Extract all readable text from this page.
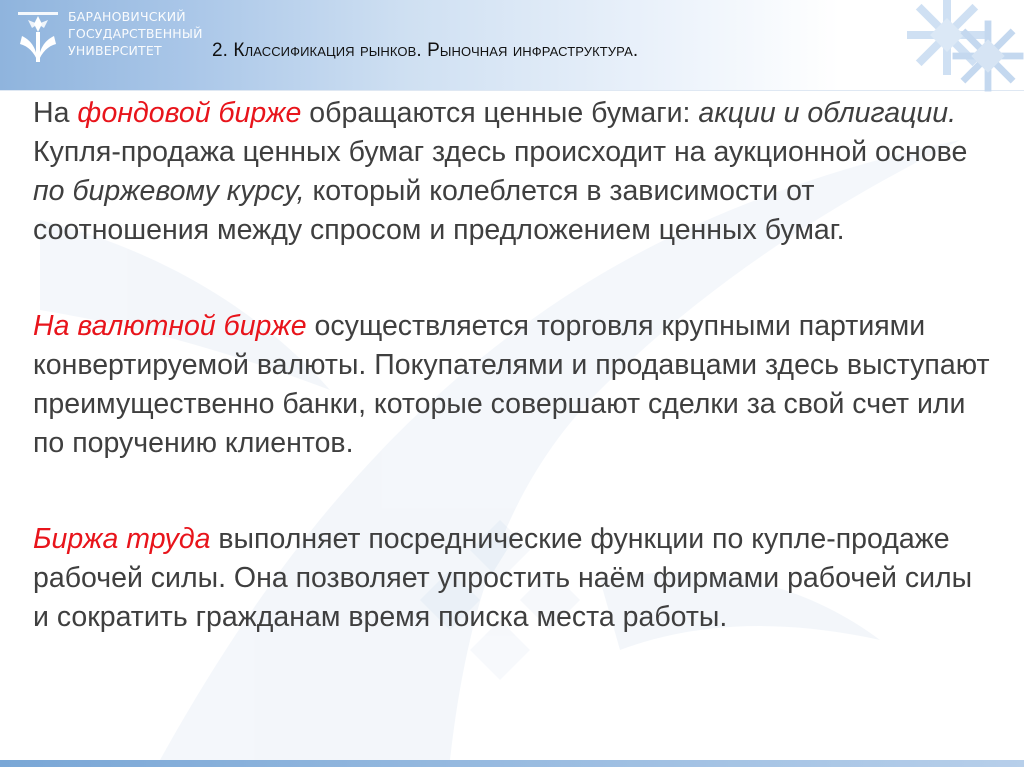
БАРАНОВИЧСКИЙ
ГОСУДАРСТВЕННЫЙ
УНИВЕРСИТЕТ	2. Классификация рынков. Рыночная инфраструктура.

На фондовой бирже обращаются ценные бумаги: акции и облигации. Купля-продажа ценных бумаг здесь происходит на аукционной основе по биржевому курсу, который колеблется в зависимости от соотношения между спросом и предложением ценных бумаг.

На валютной бирже осуществляется торговля крупными партиями конвертируемой валюты. Покупателями и продавцами здесь выступают преимущественно банки, которые совершают сделки за свой счет или по поручению клиентов.

Биржа труда выполняет посреднические функции по купле-продаже рабочей силы. Она позволяет упростить наём фирмами рабочей силы и сократить гражданам время поиска места работы.
